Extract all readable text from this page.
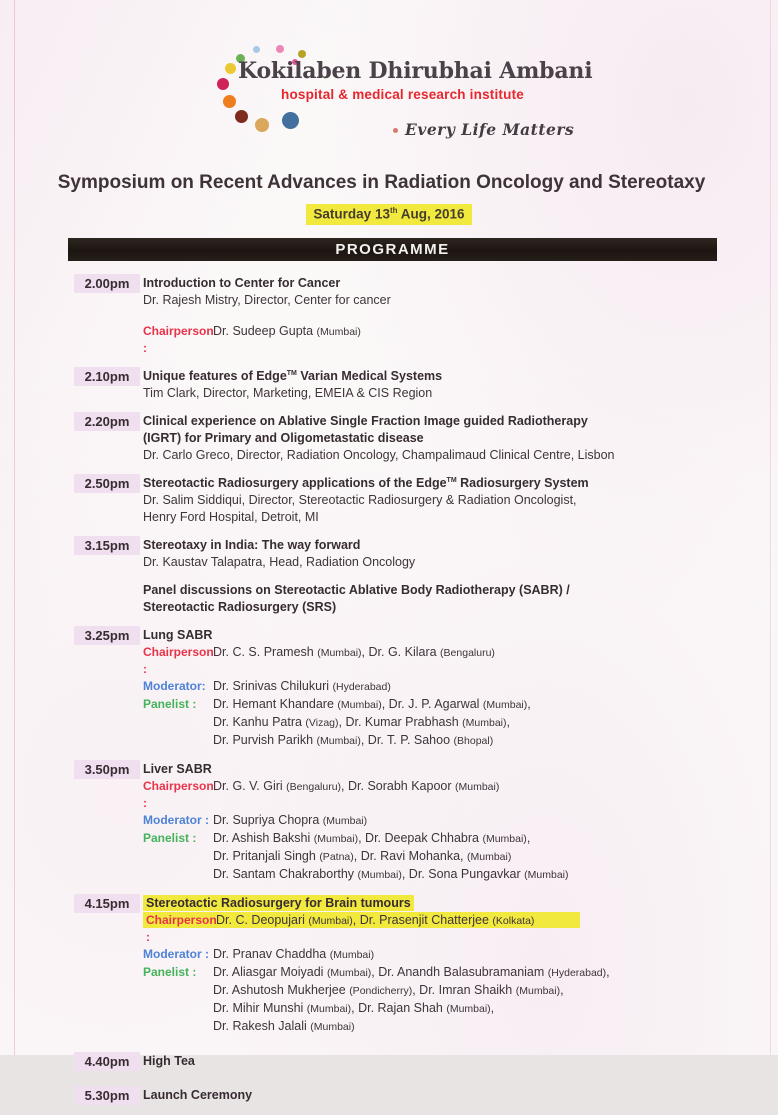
Kokilaben Dhirubhai Ambani
hospital & medical research institute
Every Life Matters
Symposium on Recent Advances in Radiation Oncology and Stereotaxy
Saturday 13th Aug, 2016
PROGRAMME
2.00pm	Introduction to Center for Cancer
Dr. Rajesh Mistry, Director, Center for cancer
Chairperson :Dr. Sudeep Gupta (Mumbai)
2.10pm	Unique features of Edge™ Varian Medical Systems
Tim Clark, Director, Marketing, EMEIA & CIS Region
2.20pm	Clinical experience on Ablative Single Fraction Image guided Radiotherapy
(IGRT) for Primary and Oligometastatic disease
Dr. Carlo Greco, Director, Radiation Oncology, Champalimaud Clinical Centre, Lisbon
2.50pm	Stereotactic Radiosurgery applications of the Edge™ Radiosurgery System
Dr. Salim Siddiqui, Director, Stereotactic Radiosurgery & Radiation Oncologist,
Henry Ford Hospital, Detroit, MI
3.15pm	Stereotaxy in India: The way forward
Dr. Kaustav Talapatra, Head, Radiation Oncology
Panel discussions on Stereotactic Ablative Body Radiotherapy (SABR) /
Stereotactic Radiosurgery (SRS)
3.25pm	Lung SABR
Chairperson :Dr. C. S. Pramesh (Mumbai), Dr. G. Kilara (Bengaluru)
Moderator: Dr. Srinivas Chilukuri (Hyderabad)
Panelist : Dr. Hemant Khandare (Mumbai), Dr. J. P. Agarwal (Mumbai),
Dr. Kanhu Patra (Vizag), Dr. Kumar Prabhash (Mumbai),
Dr. Purvish Parikh (Mumbai), Dr. T. P. Sahoo (Bhopal)
3.50pm	Liver SABR
Chairperson :Dr. G. V. Giri (Bengaluru), Dr. Sorabh Kapoor (Mumbai)
Moderator : Dr. Supriya Chopra (Mumbai)
Panelist : Dr. Ashish Bakshi (Mumbai), Dr. Deepak Chhabra (Mumbai),
Dr. Pritanjali Singh (Patna), Dr. Ravi Mohanka, (Mumbai)
Dr. Santam Chakraborthy (Mumbai), Dr. Sona Pungavkar (Mumbai)
4.15pm	Stereotactic Radiosurgery for Brain tumours
Chairperson :Dr. C. Deopujari (Mumbai), Dr. Prasenjit Chatterjee (Kolkata)
Moderator : Dr. Pranav Chaddha (Mumbai)
Panelist : Dr. Aliasgar Moiyadi (Mumbai), Dr. Anandh Balasubramaniam (Hyderabad),
Dr. Ashutosh Mukherjee (Pondicherry), Dr. Imran Shaikh (Mumbai),
Dr. Mihir Munshi (Mumbai), Dr. Rajan Shah (Mumbai),
Dr. Rakesh Jalali (Mumbai)
4.40pm	High Tea
5.30pm	Launch Ceremony
